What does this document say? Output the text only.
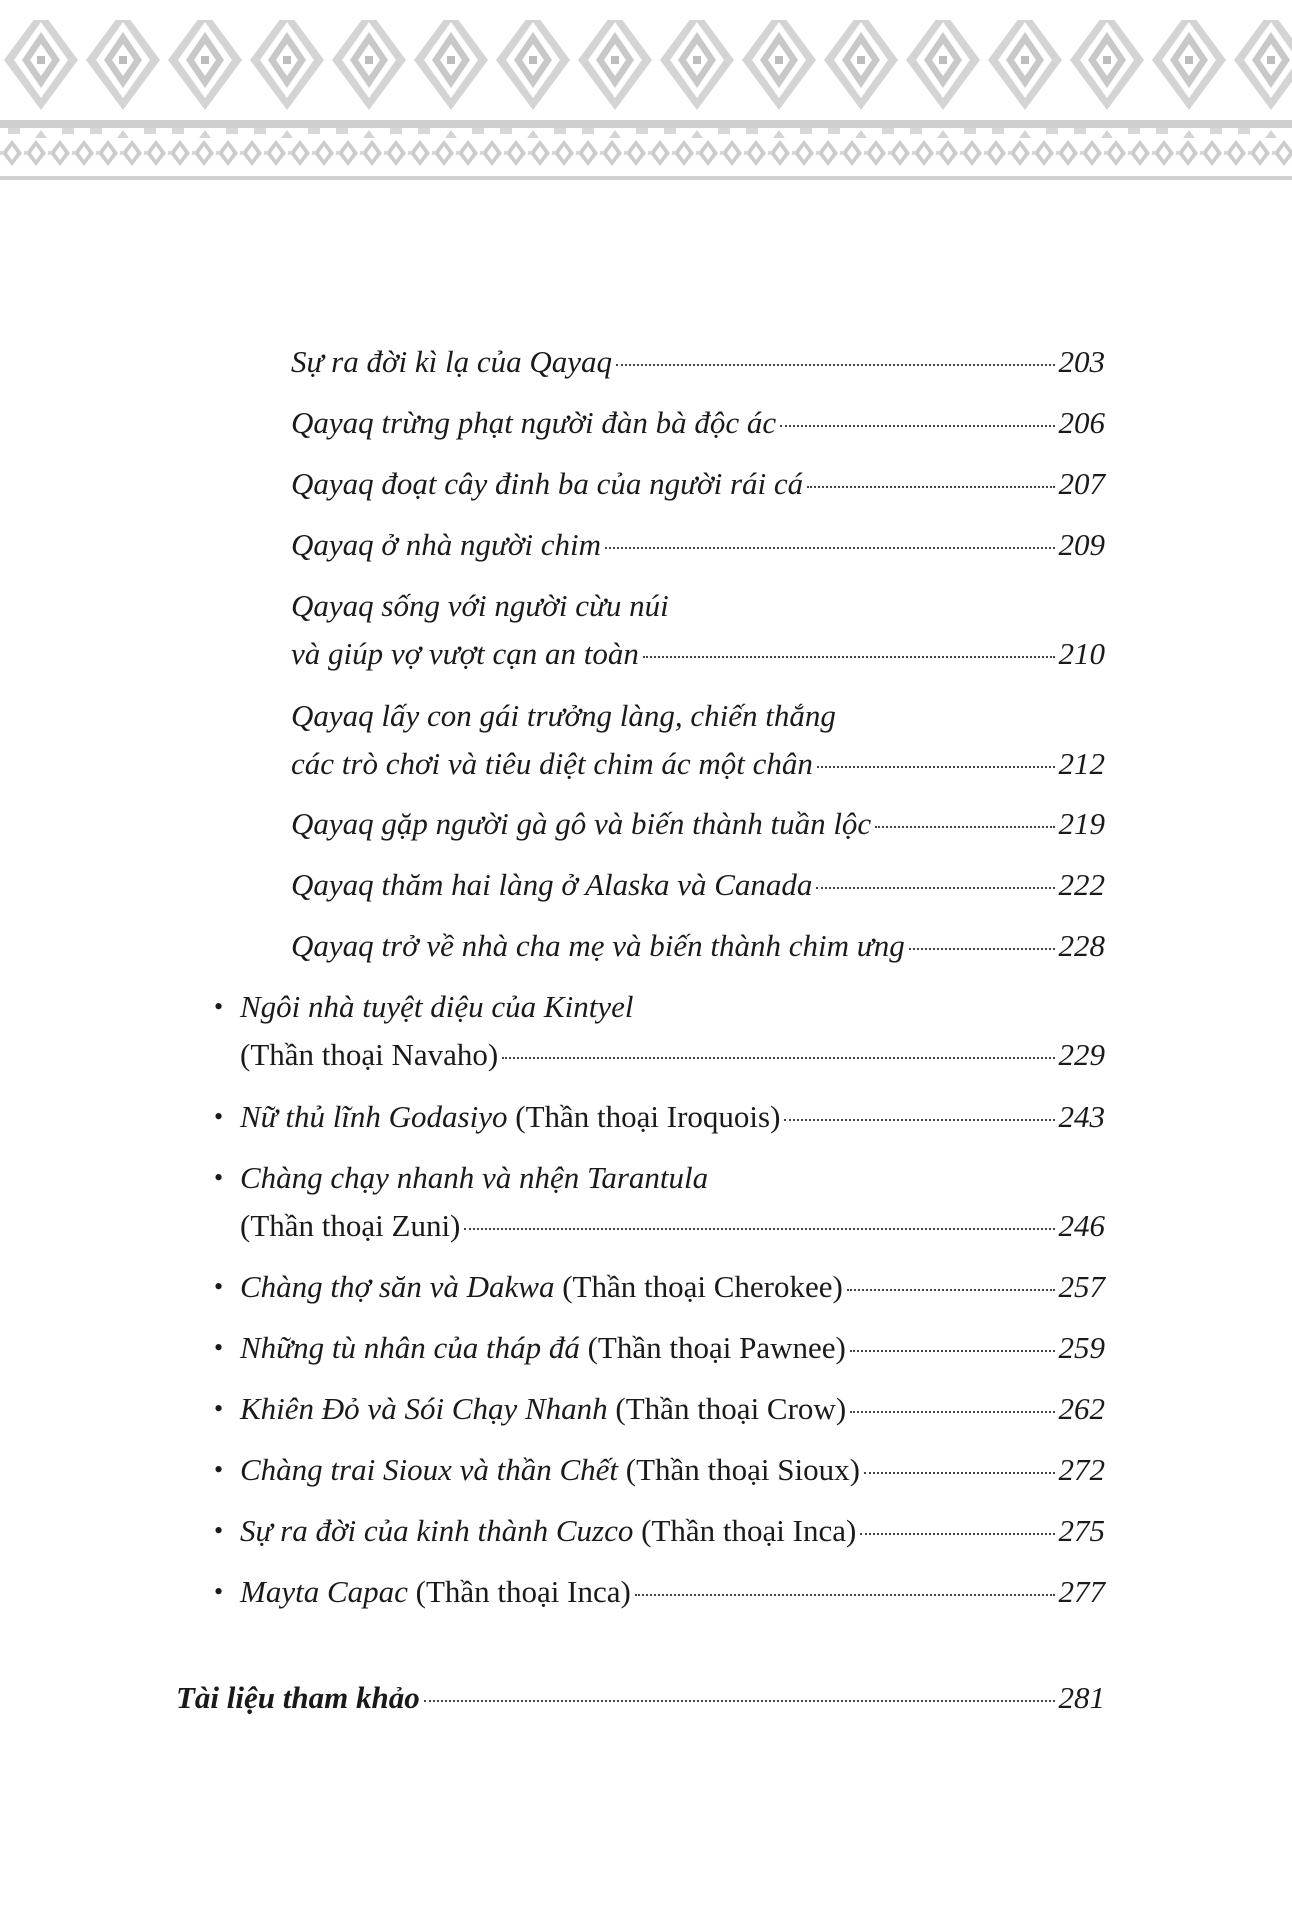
Sự ra đời kì lạ của Qayaq	203
Qayaq trừng phạt người đàn bà độc ác	206
Qayaq đoạt cây đinh ba của người rái cá	207
Qayaq ở nhà người chim	209
Qayaq sống với người cừu núi
và giúp vợ vượt cạn an toàn	210
Qayaq lấy con gái trưởng làng, chiến thắng
các trò chơi và tiêu diệt chim ác một chân	212
Qayaq gặp người gà gô và biến thành tuần lộc	219
Qayaq thăm hai làng ở Alaska và Canada	222
Qayaq trở về nhà cha mẹ và biến thành chim ưng	228
• Ngôi nhà tuyệt diệu của Kintyel
(Thần thoại Navaho)	229
• Nữ thủ lĩnh Godasiyo (Thần thoại Iroquois)	243
• Chàng chạy nhanh và nhện Tarantula
(Thần thoại Zuni)	246
• Chàng thợ săn và Dakwa (Thần thoại Cherokee)	257
• Những tù nhân của tháp đá (Thần thoại Pawnee)	259
• Khiên Đỏ và Sói Chạy Nhanh (Thần thoại Crow)	262
• Chàng trai Sioux và thần Chết (Thần thoại Sioux)	272
• Sự ra đời của kinh thành Cuzco (Thần thoại Inca)	275
• Mayta Capac (Thần thoại Inca)	277
Tài liệu tham khảo	281
